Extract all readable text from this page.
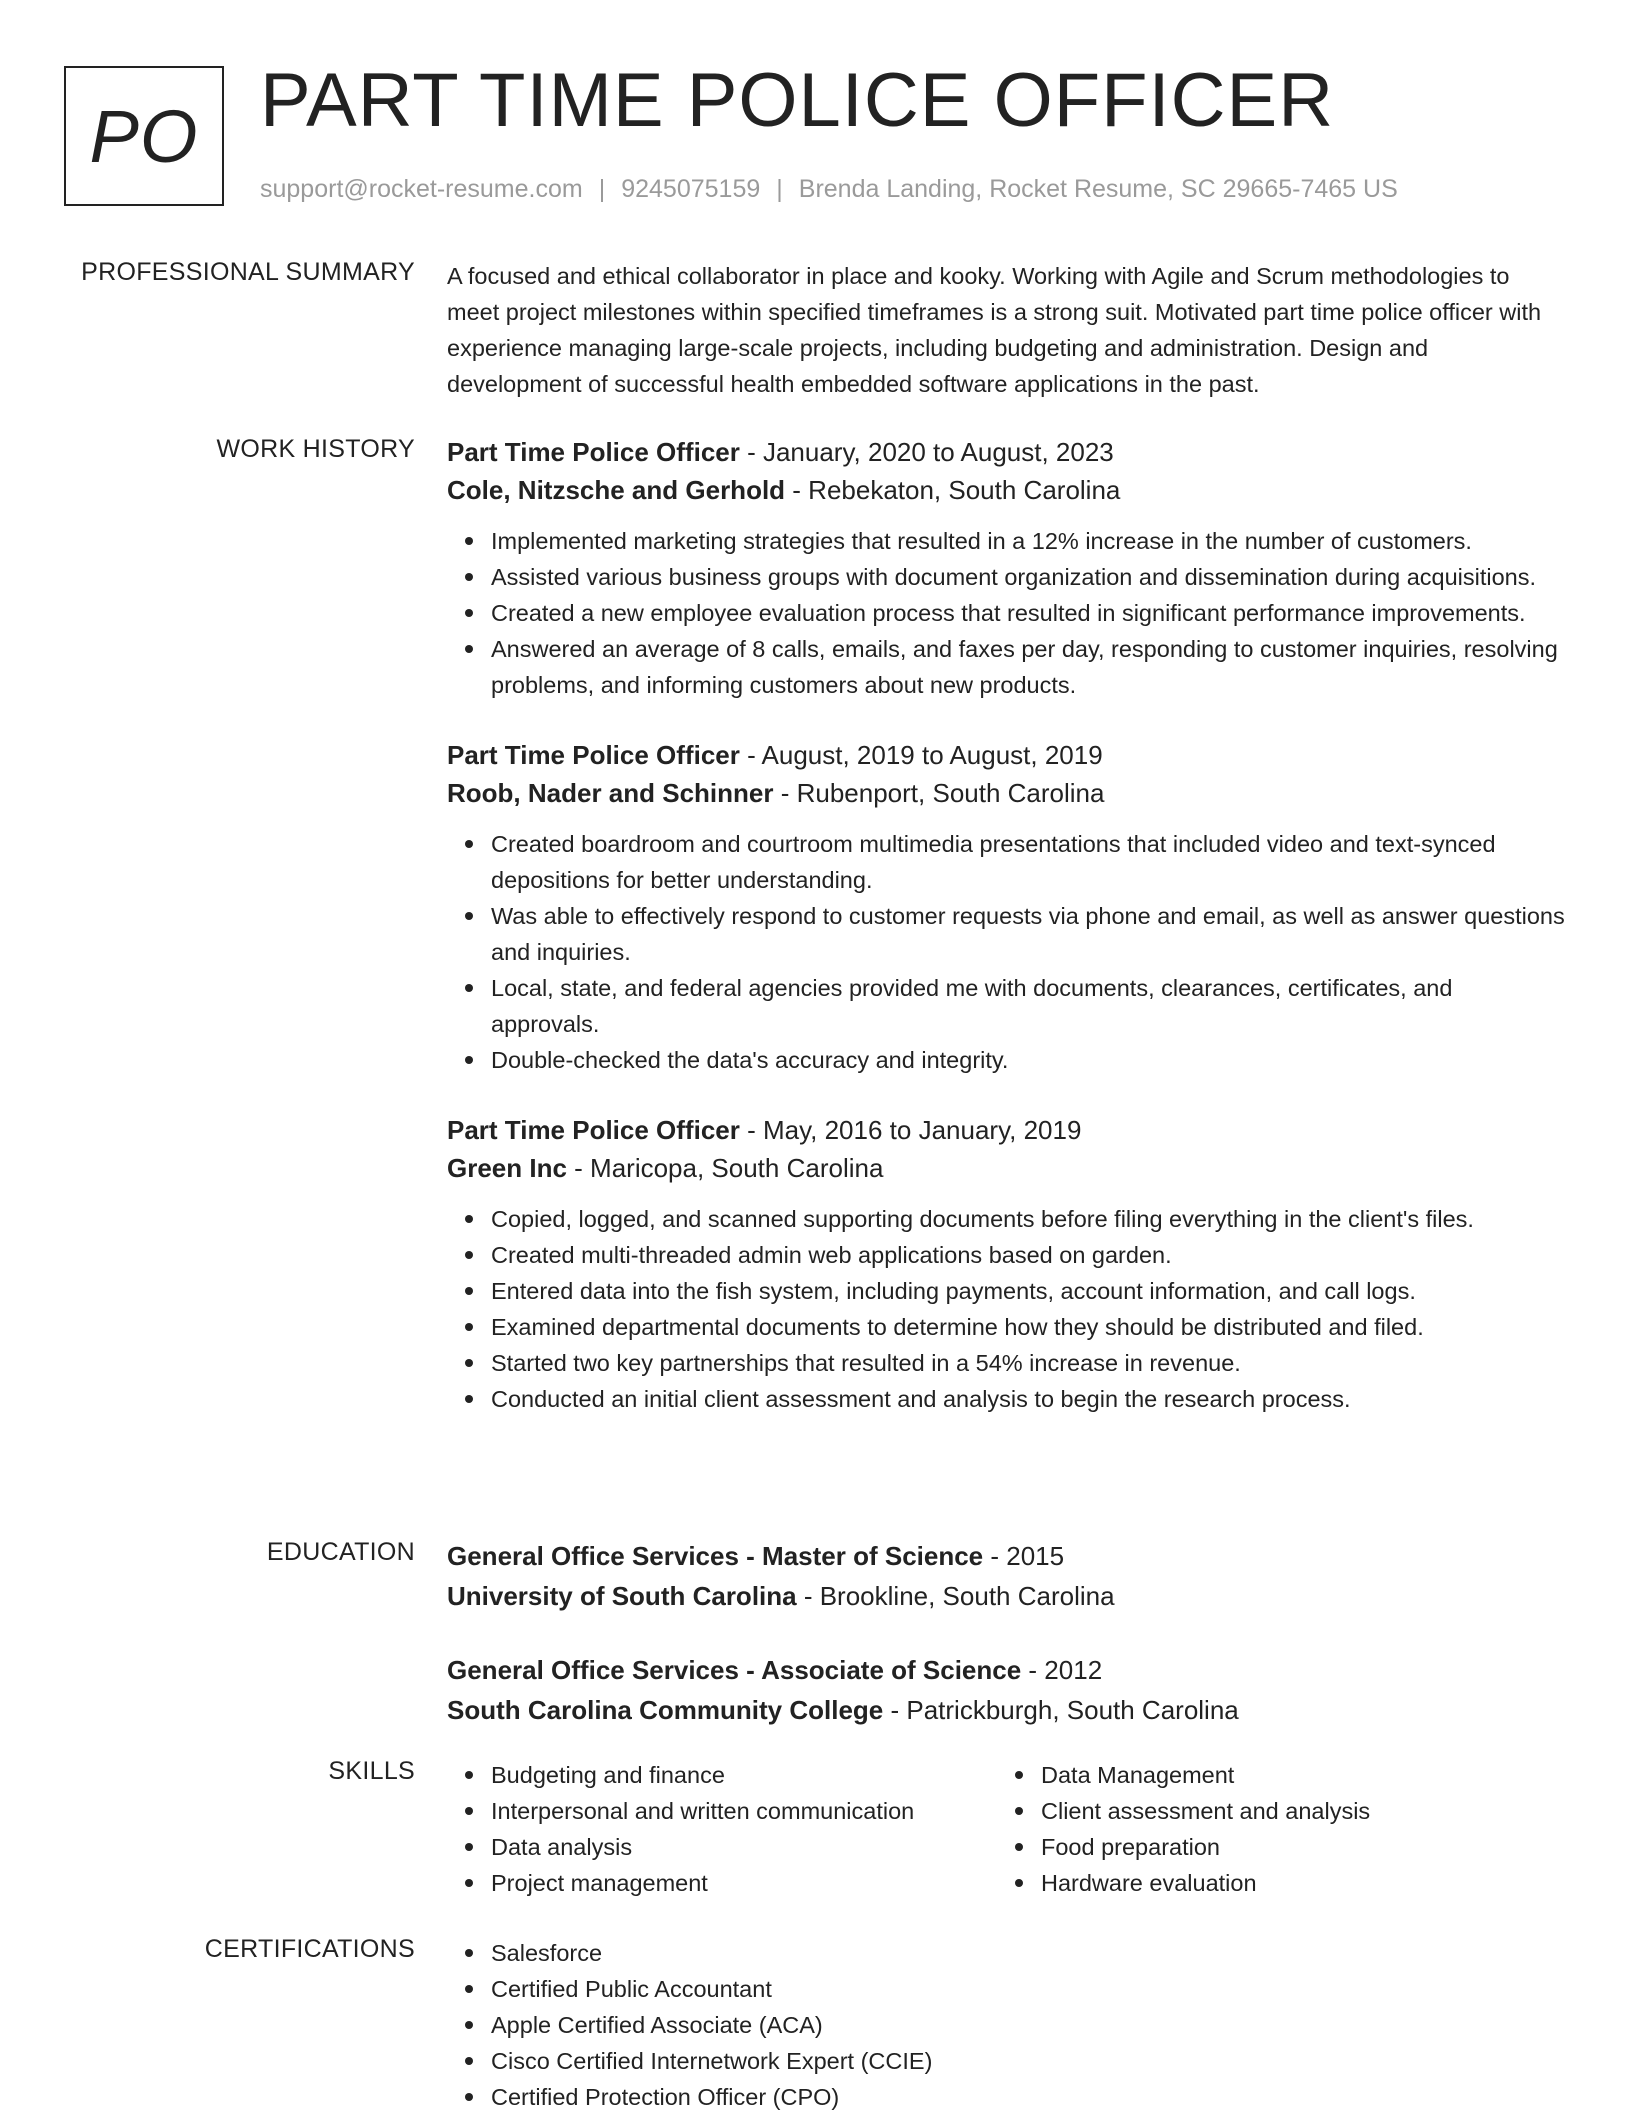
PO PART TIME POLICE OFFICER
support@rocket-resume.com | 9245075159 | Brenda Landing, Rocket Resume, SC 29665-7465 US
PROFESSIONAL SUMMARY A focused and ethical collaborator in place and kooky. Working with Agile and Scrum methodologies to meet project milestones within specified timeframes is a strong suit. Motivated part time police officer with experience managing large-scale projects, including budgeting and administration. Design and development of successful health embedded software applications in the past.

WORK HISTORY Part Time Police Officer - January, 2020 to August, 2023
Cole, Nitzsche and Gerhold - Rebekaton, South Carolina
Implemented marketing strategies that resulted in a 12% increase in the number of customers.
Assisted various business groups with document organization and dissemination during acquisitions.
Created a new employee evaluation process that resulted in significant performance improvements.
Answered an average of 8 calls, emails, and faxes per day, responding to customer inquiries, resolving problems, and informing customers about new products.
Part Time Police Officer - August, 2019 to August, 2019
Roob, Nader and Schinner - Rubenport, South Carolina
Created boardroom and courtroom multimedia presentations that included video and text-synced depositions for better understanding.
Was able to effectively respond to customer requests via phone and email, as well as answer questions and inquiries.
Local, state, and federal agencies provided me with documents, clearances, certificates, and approvals.
Double-checked the data's accuracy and integrity.
Part Time Police Officer - May, 2016 to January, 2019
Green Inc - Maricopa, South Carolina
Copied, logged, and scanned supporting documents before filing everything in the client's files.
Created multi-threaded admin web applications based on garden.
Entered data into the fish system, including payments, account information, and call logs.
Examined departmental documents to determine how they should be distributed and filed.
Started two key partnerships that resulted in a 54% increase in revenue.
Conducted an initial client assessment and analysis to begin the research process.
EDUCATION General Office Services - Master of Science - 2015
University of South Carolina - Brookline, South Carolina
General Office Services - Associate of Science - 2012
South Carolina Community College - Patrickburgh, South Carolina
SKILLS	Budgeting and finance
Interpersonal and written communication
Data analysis
Project management
Data Management
Client assessment and analysis
Food preparation
Hardware evaluation
CERTIFICATIONS	Salesforce
Certified Public Accountant
Apple Certified Associate (ACA)
Cisco Certified Internetwork Expert (CCIE)
Certified Protection Officer (CPO)
